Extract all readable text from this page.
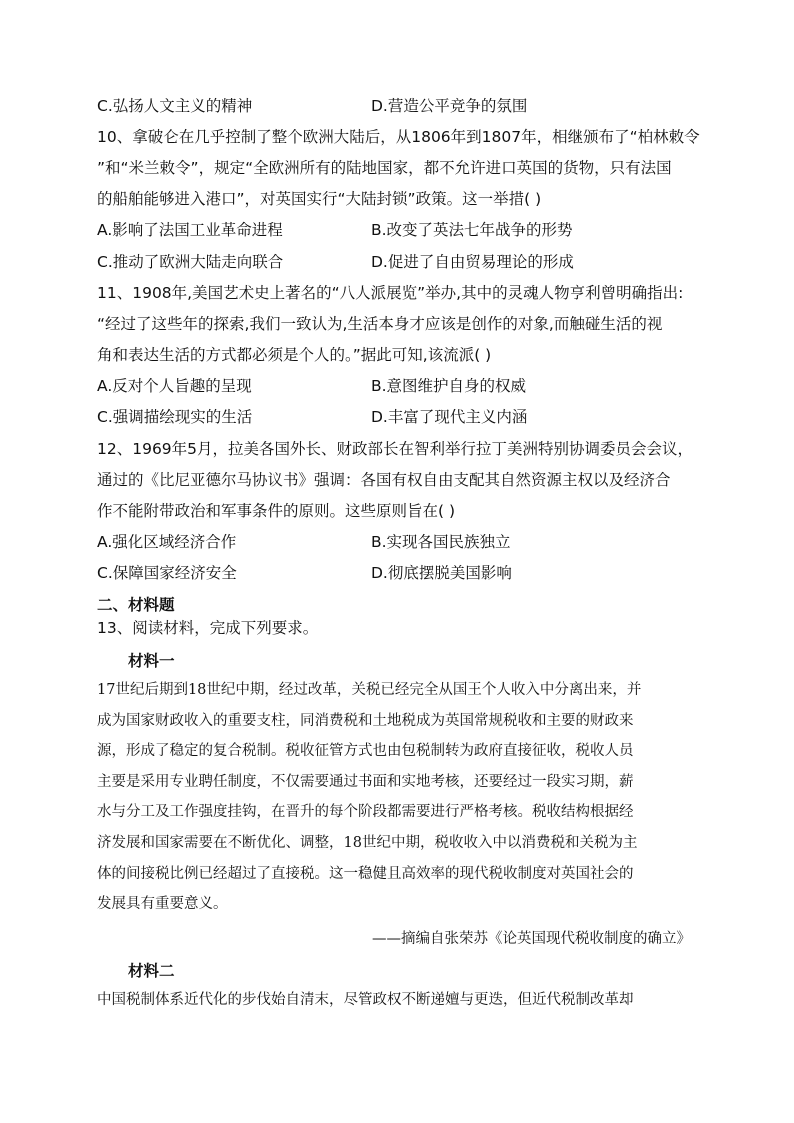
C.弘扬人文主义的精神	D.营造公平竞争的氛围
10、拿破仑在几乎控制了整个欧洲大陆后，从1806年到1807年，相继颁布了“柏林敕令
”和“米兰敕令”，规定“全欧洲所有的陆地国家，都不允许进口英国的货物，只有法国
的船舶能够进入港口”，对英国实行“大陆封锁”政策。这一举措( )
A.影响了法国工业革命进程	B.改变了英法七年战争的形势
C.推动了欧洲大陆走向联合	D.促进了自由贸易理论的形成
11、1908年,美国艺术史上著名的“八人派展览”举办,其中的灵魂人物亨利曾明确指出:
“经过了这些年的探索,我们一致认为,生活本身才应该是创作的对象,而触碰生活的视
角和表达生活的方式都必须是个人的。”据此可知,该流派( )
A.反对个人旨趣的呈现	B.意图维护自身的权威
C.强调描绘现实的生活	D.丰富了现代主义内涵
12、1969年5月，拉美各国外长、财政部长在智利举行拉丁美洲特别协调委员会会议，
通过的《比尼亚德尔马协议书》强调：各国有权自由支配其自然资源主权以及经济合
作不能附带政治和军事条件的原则。这些原则旨在( )
A.强化区域经济合作	B.实现各国民族独立
C.保障国家经济安全	D.彻底摆脱美国影响
二、材料题
13、阅读材料，完成下列要求。
材料一

17世纪后期到18世纪中期，经过改革，关税已经完全从国王个人收入中分离出来，并

成为国家财政收入的重要支柱，同消费税和土地税成为英国常规税收和主要的财政来

源，形成了稳定的复合税制。税收征管方式也由包税制转为政府直接征收，税收人员

主要是采用专业聘任制度，不仅需要通过书面和实地考核，还要经过一段实习期，薪

水与分工及工作强度挂钩，在晋升的每个阶段都需要进行严格考核。税收结构根据经

济发展和国家需要在不断优化、调整，18世纪中期，税收收入中以消费税和关税为主

体的间接税比例已经超过了直接税。这一稳健且高效率的现代税收制度对英国社会的

发展具有重要意义。

——摘编自张荣苏《论英国现代税收制度的确立》
材料二

中国税制体系近代化的步伐始自清末，尽管政权不断递嬗与更迭，但近代税制改革却
